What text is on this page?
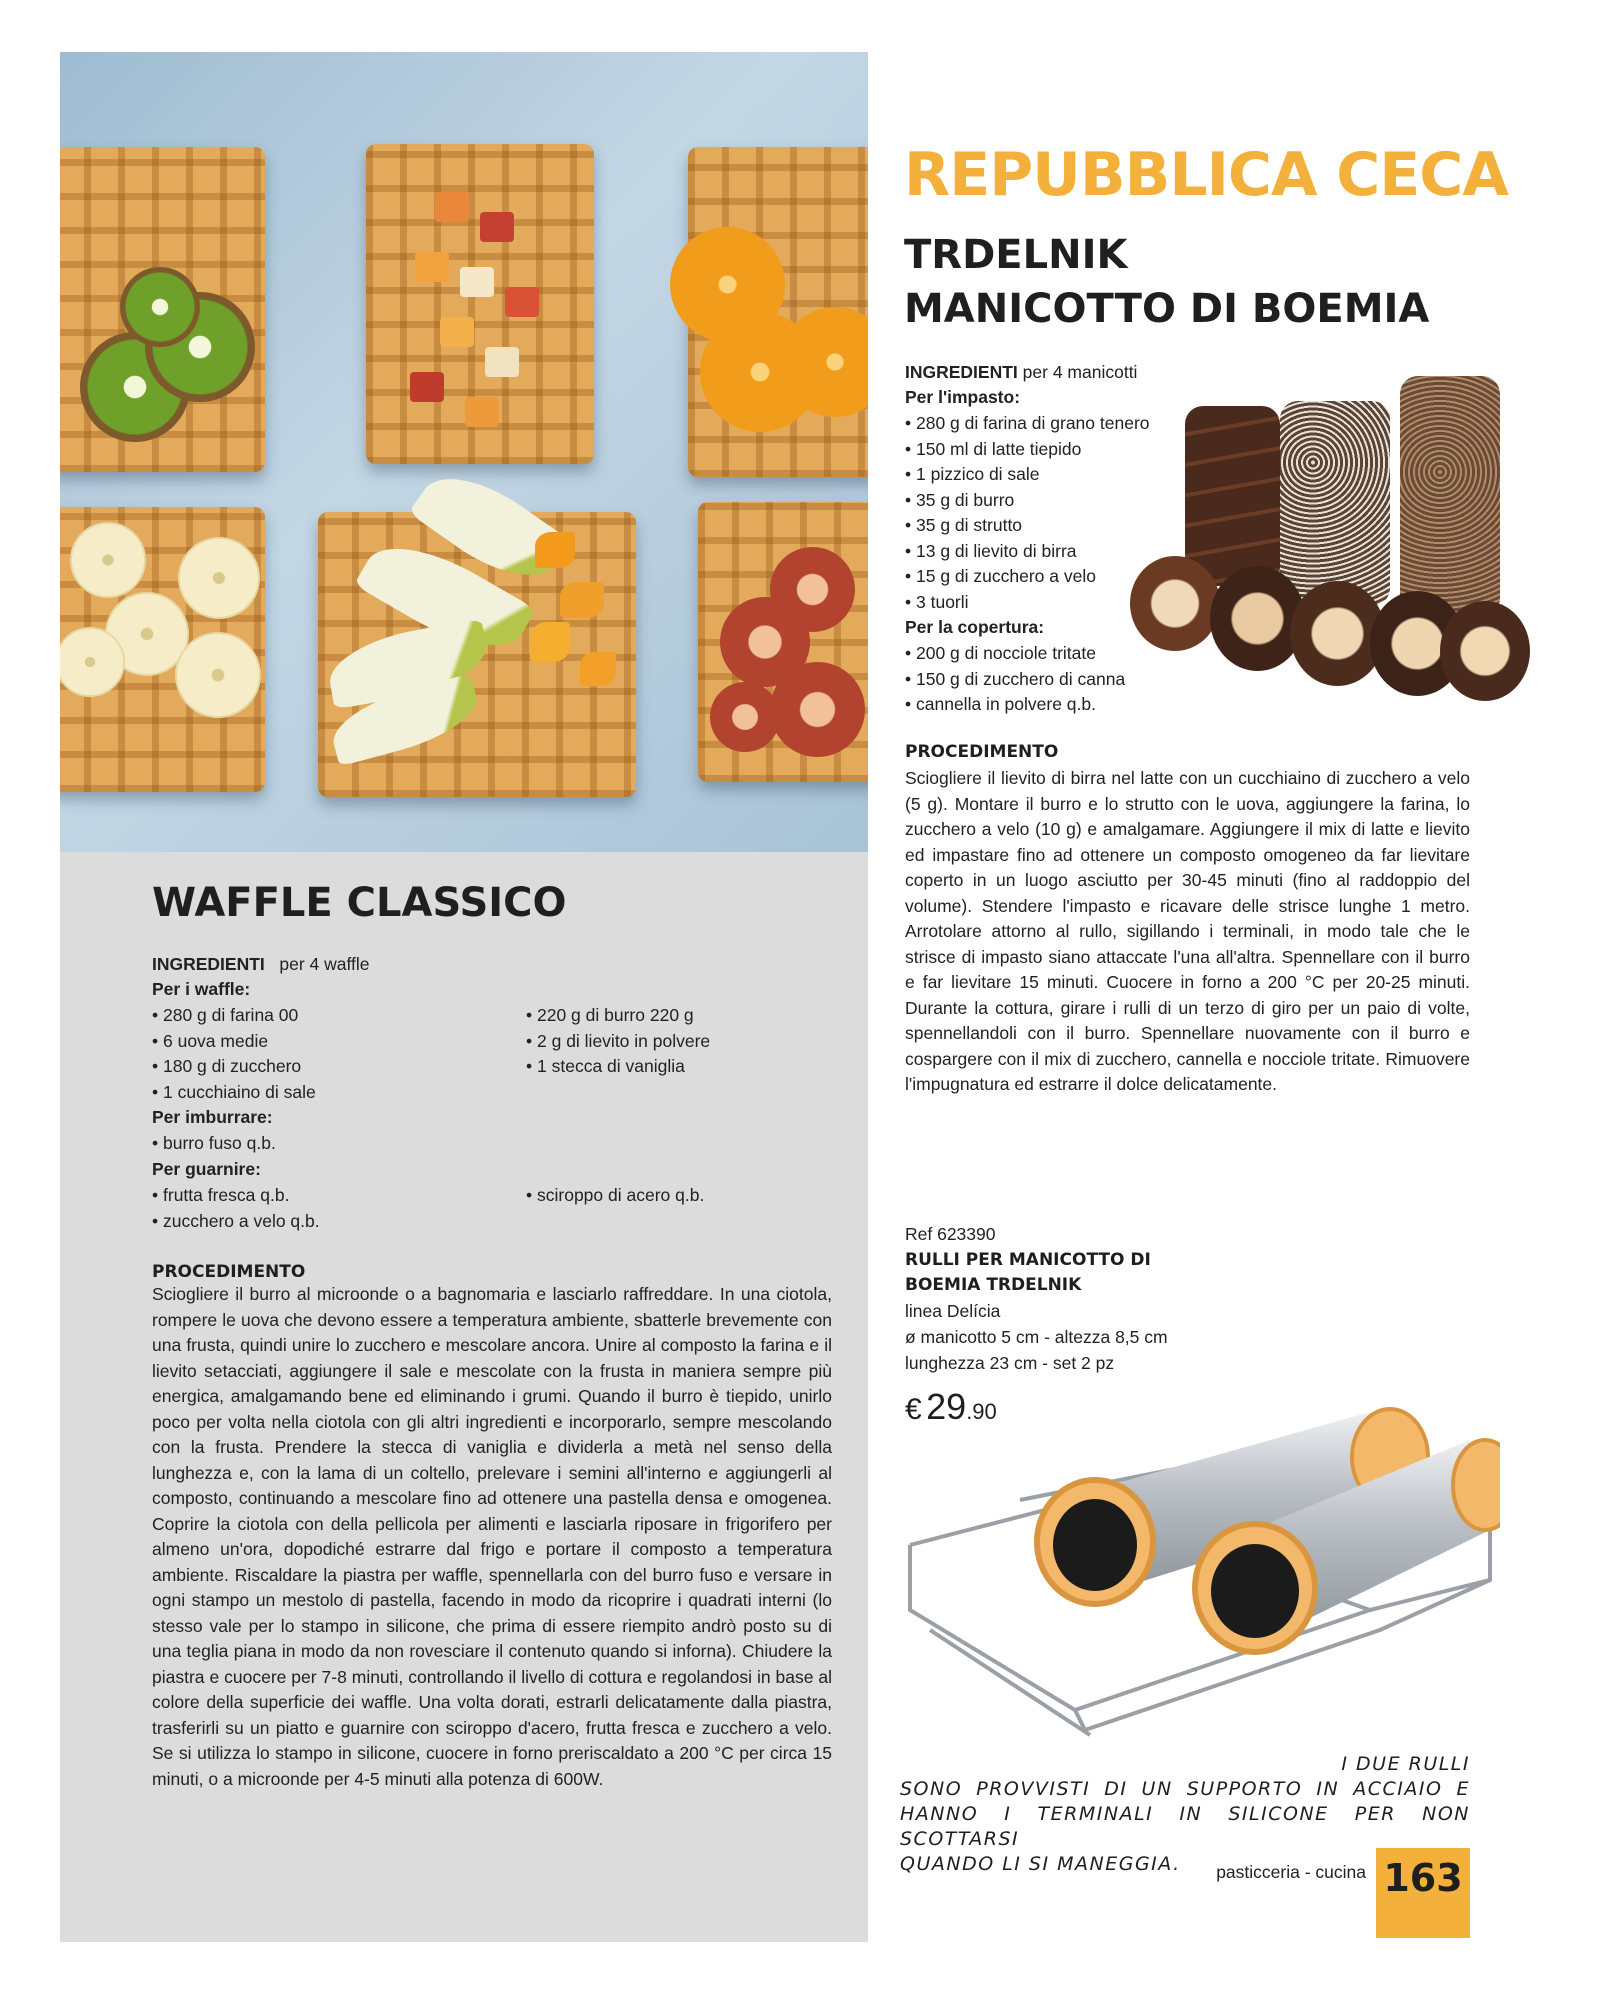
WAFFLE CLASSICO
INGREDIENTI per 4 waffle
Per i waffle:
• 280 g di farina 00
• 6 uova medie
• 180 g di zucchero
• 1 cucchiaino di sale
• 220 g di burro 220 g
• 2 g di lievito in polvere
• 1 stecca di vaniglia
Per imburrare:
• burro fuso q.b.
Per guarnire:
• frutta fresca q.b.
• zucchero a velo q.b.
• sciroppo di acero q.b.
PROCEDIMENTO

Sciogliere il burro al microonde o a bagnomaria e lasciarlo raffreddare. In una ciotola, rompere le uova che devono essere a temperatura ambiente, sbatterle brevemente con una frusta, quindi unire lo zucchero e mescolare ancora. Unire al composto la farina e il lievito setacciati, aggiungere il sale e mescolate con la frusta in maniera sempre più energica, amalgamando bene ed eliminando i grumi. Quando il burro è tiepido, unirlo poco per volta nella ciotola con gli altri ingredienti e incorporarlo, sempre mescolando con la frusta. Prendere la stecca di vaniglia e dividerla a metà nel senso della lunghezza e, con la lama di un coltello, prelevare i semini all'interno e aggiungerli al composto, continuando a mescolare fino ad ottenere una pastella densa e omogenea. Coprire la ciotola con della pellicola per alimenti e lasciarla riposare in frigorifero per almeno un'ora, dopodiché estrarre dal frigo e portare il composto a temperatura ambiente. Riscaldare la piastra per waffle, spennellarla con del burro fuso e versare in ogni stampo un mestolo di pastella, facendo in modo da ricoprire i quadrati interni (lo stesso vale per lo stampo in silicone, che prima di essere riempito andrò posto su di una teglia piana in modo da non rovesciare il contenuto quando si inforna). Chiudere la piastra e cuocere per 7-8 minuti, controllando il livello di cottura e regolandosi in base al colore della superficie dei waffle. Una volta dorati, estrarli delicatamente dalla piastra, trasferirli su un piatto e guarnire con sciroppo d'acero, frutta fresca e zucchero a velo. Se si utilizza lo stampo in silicone, cuocere in forno preriscaldato a 200 °C per circa 15 minuti, o a microonde per 4-5 minuti alla potenza di 600W.

REPUBBLICA CECA
TRDELNIK
MANICOTTO DI BOEMIA
INGREDIENTI per 4 manicotti
Per l'impasto:
• 280 g di farina di grano tenero
• 150 ml di latte tiepido
• 1 pizzico di sale
• 35 g di burro
• 35 g di strutto
• 13 g di lievito di birra
• 15 g di zucchero a velo
• 3 tuorli
Per la copertura:
• 200 g di nocciole tritate
• 150 g di zucchero di canna
• cannella in polvere q.b.
PROCEDIMENTO

Sciogliere il lievito di birra nel latte con un cucchiaino di zucchero a velo (5 g). Montare il burro e lo strutto con le uova, aggiungere la farina, lo zucchero a velo (10 g) e amalgamare. Aggiungere il mix di latte e lievito ed impastare fino ad ottenere un composto omogeneo da far lievitare coperto in un luogo asciutto per 30-45 minuti (fino al raddoppio del volume). Stendere l'impasto e ricavare delle strisce lunghe 1 metro. Arrotolare attorno al rullo, sigillando i terminali, in modo tale che le strisce di impasto siano attaccate l'una all'altra. Spennellare con il burro e far lievitare 15 minuti. Cuocere in forno a 200 °C per 20-25 minuti. Durante la cottura, girare i rulli di un terzo di giro per un paio di volte, spennellandoli con il burro. Spennellare nuovamente con il burro e cospargere con il mix di zucchero, cannella e nocciole tritate. Rimuovere l'impugnatura ed estrarre il dolce delicatamente.

Ref 623390
RULLI PER MANICOTTO DI
BOEMIA TRDELNIK
linea Delícia
ø manicotto 5 cm - altezza 8,5 cm
lunghezza 23 cm - set 2 pz
€ 29.90
I DUE RULLI
SONO PROVVISTI DI UN SUPPORTO IN ACCIAIO E
HANNO I TERMINALI IN SILICONE PER NON SCOTTARSI
QUANDO LI SI MANEGGIA.	pasticceria - cucina 163
